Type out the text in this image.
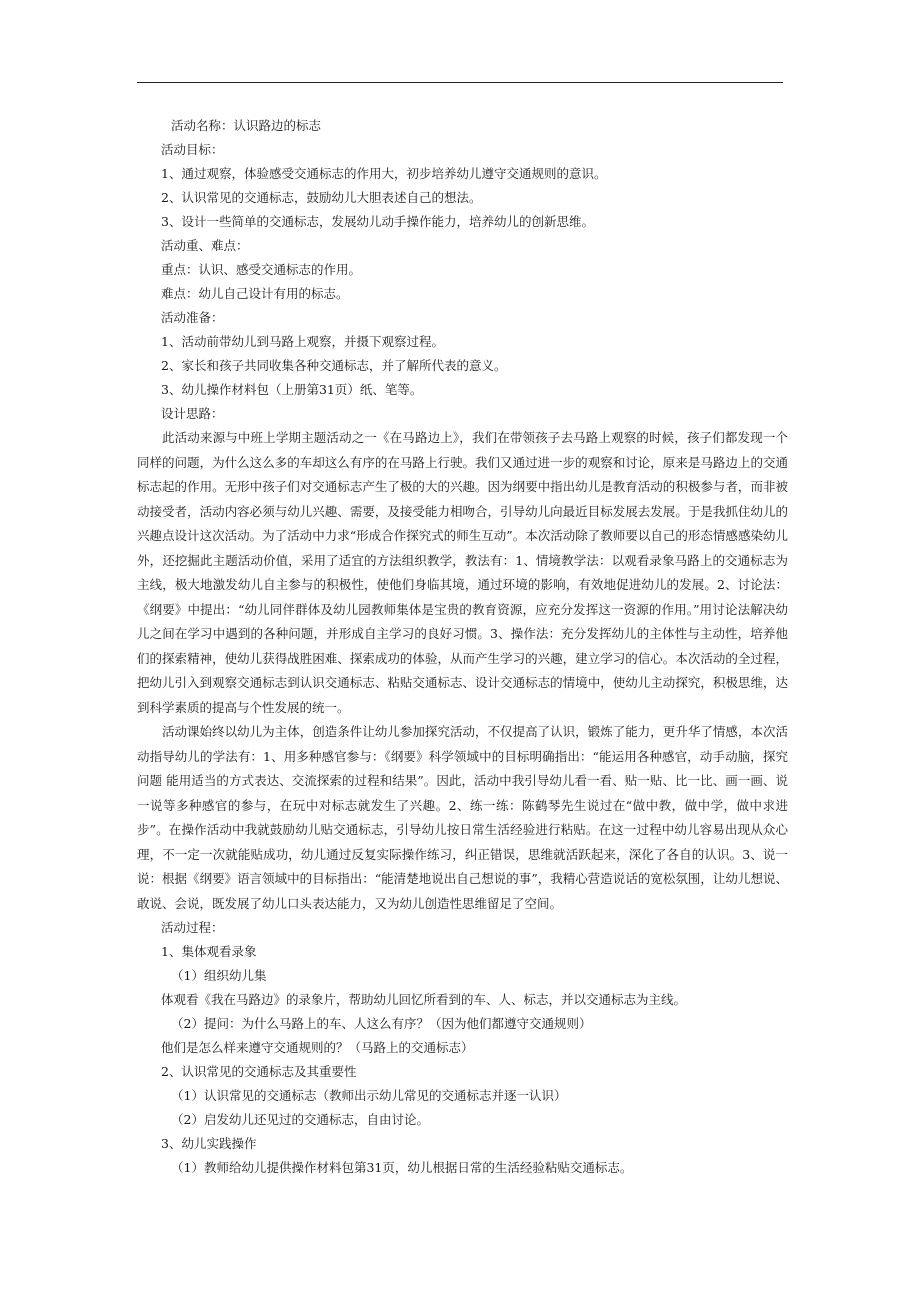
活动名称：认识路边的标志
活动目标：
1、通过观察，体验感受交通标志的作用大，初步培养幼儿遵守交通规则的意识。
2、认识常见的交通标志，鼓励幼儿大胆表述自己的想法。
3、设计一些简单的交通标志，发展幼儿动手操作能力，培养幼儿的创新思维。
活动重、难点：
重点：认识、感受交通标志的作用。
难点：幼儿自己设计有用的标志。
活动准备：
1、活动前带幼儿到马路上观察，并摄下观察过程。
2、家长和孩子共同收集各种交通标志，并了解所代表的意义。
3、幼儿操作材料包（上册第31页）纸、笔等。
设计思路：
此活动来源与中班上学期主题活动之一《在马路边上》，我们在带领孩子去马路上观察的时候，孩子们都发现一个同样的问题，为什么这么多的车却这么有序的在马路上行驶。我们又通过进一步的观察和讨论，原来是马路边上的交通标志起的作用。无形中孩子们对交通标志产生了极的大的兴趣。因为纲要中指出幼儿是教育活动的积极参与者，而非被动接受者，活动内容必须与幼儿兴趣、需要，及接受能力相吻合，引导幼儿向最近目标发展去发展。于是我抓住幼儿的兴趣点设计这次活动。为了活动中力求“形成合作探究式的师生互动”。本次活动除了教师要以自己的形态情感感染幼儿外，还挖掘此主题活动价值，采用了适宜的方法组织教学，教法有：1、情境教学法：以观看录象马路上的交通标志为主线，极大地激发幼儿自主参与的积极性，使他们身临其境，通过环境的影响，有效地促进幼儿的发展。2、讨论法：《纲要》中提出：“幼儿同伴群体及幼儿园教师集体是宝贵的教育资源，应充分发挥这一资源的作用。”用讨论法解决幼儿之间在学习中遇到的各种问题，并形成自主学习的良好习惯。3、操作法：充分发挥幼儿的主体性与主动性，培养他们的探索精神，使幼儿获得战胜困难、探索成功的体验，从而产生学习的兴趣，建立学习的信心。本次活动的全过程，把幼儿引入到观察交通标志到认识交通标志、粘贴交通标志、设计交通标志的情境中，使幼儿主动探究，积极思维，达到科学素质的提高与个性发展的统一。
活动课始终以幼儿为主体，创造条件让幼儿参加探究活动，不仅提高了认识，锻炼了能力，更升华了情感，本次活动指导幼儿的学法有：1、用多种感官参与：《纲要》科学领域中的目标明确指出：“能运用各种感官，动手动脑，探究问题 能用适当的方式表达、交流探索的过程和结果”。因此，活动中我引导幼儿看一看、贴一贴、比一比、画一画、说一说等多种感官的参与，在玩中对标志就发生了兴趣。2、练一练：陈鹤琴先生说过在“做中教，做中学，做中求进步”。在操作活动中我就鼓励幼儿贴交通标志，引导幼儿按日常生活经验进行粘贴。在这一过程中幼儿容易出现从众心理，不一定一次就能贴成功，幼儿通过反复实际操作练习，纠正错误，思维就活跃起来，深化了各自的认识。3、说一说：根据《纲要》语言领域中的目标指出：“能清楚地说出自己想说的事”，我精心营造说话的宽松氛围，让幼儿想说、敢说、会说，既发展了幼儿口头表达能力，又为幼儿创造性思维留足了空间。
活动过程：
1、集体观看录象
（1）组织幼儿集
体观看《我在马路边》的录象片，帮助幼儿回忆所看到的车、人、标志，并以交通标志为主线。
（2）提问：为什么马路上的车、人这么有序？（因为他们都遵守交通规则）
他们是怎么样来遵守交通规则的？（马路上的交通标志）
2、认识常见的交通标志及其重要性
（1）认识常见的交通标志（教师出示幼儿常见的交通标志并逐一认识）
（2）启发幼儿还见过的交通标志，自由讨论。
3、幼儿实践操作
（1）教师给幼儿提供操作材料包第31页，幼儿根据日常的生活经验粘贴交通标志。
